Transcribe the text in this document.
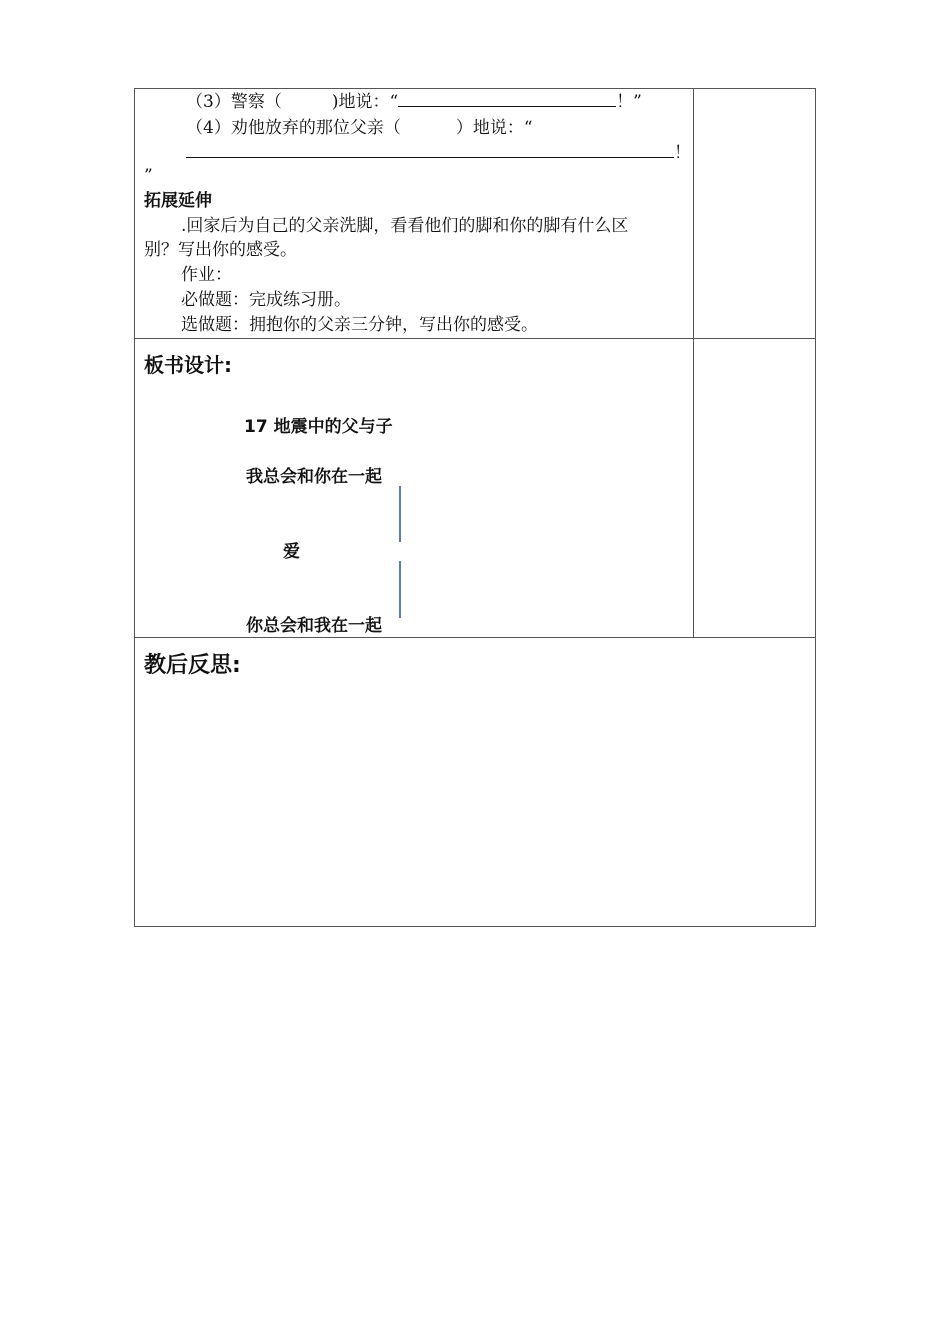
（3）警察（	)地说：“	！”
（4）劝他放弃的那位父亲（	）地说：“
！
”
拓展延伸
.回家后为自己的父亲洗脚，看看他们的脚和你的脚有什么区
别？写出你的感受。
作业：
必做题：完成练习册。
选做题：拥抱你的父亲三分钟，写出你的感受。
板书设计:
17 地震中的父与子
我总会和你在一起
爱
你总会和我在一起
教后反思:
